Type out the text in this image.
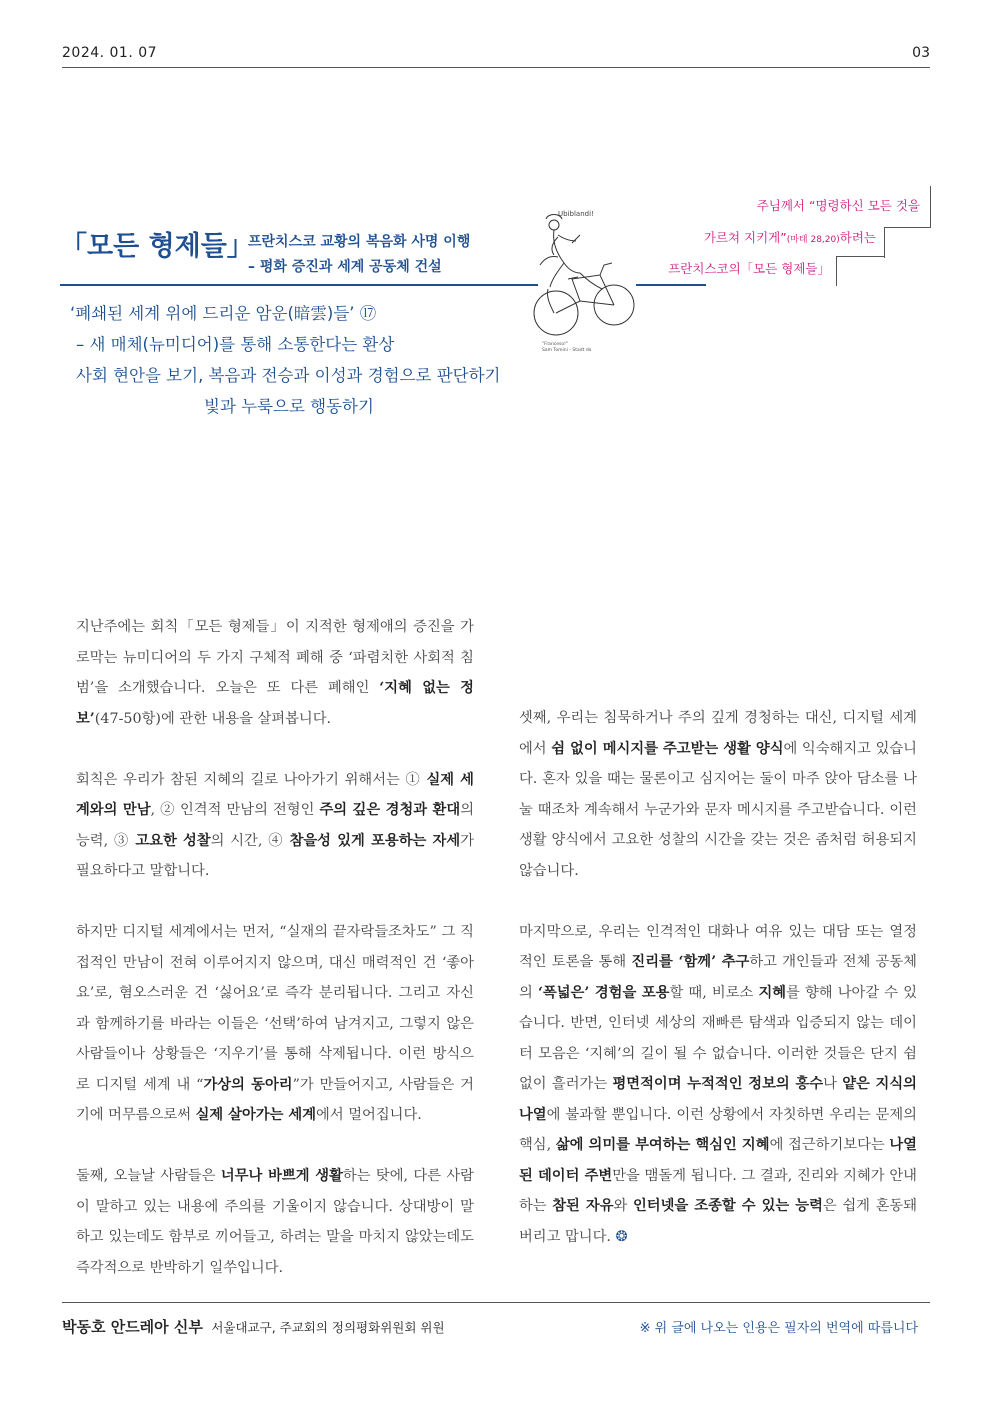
2024. 01. 07	03
「모든 형제들」
프란치스코 교황의 복음화 사명 이행
– 평화 증진과 세계 공동체 건설
주님께서 “명령하신 모든 것을
가르쳐 지키게”(마태 28,20)하려는
프란치스코의「모든 형제들」
Ubiblandi!
"Franceso!"
Sam Tomini - Stadt do
‘폐쇄된 세계 위에 드리운 암운(暗雲)들’ ⑰
– 새 매체(뉴미디어)를 통해 소통한다는 환상
사회 현안을 보기, 복음과 전승과 이성과 경험으로 판단하기
빛과 누룩으로 행동하기

지난주에는 회칙「모든 형제들」이 지적한 형제애의 증진을 가로막는 뉴미디어의 두 가지 구체적 폐해 중 ‘파렴치한 사회적 침범’을 소개했습니다. 오늘은 또 다른 폐해인 ‘지혜 없는 정보’(47-50항)에 관한 내용을 살펴봅니다.

회칙은 우리가 참된 지혜의 길로 나아가기 위해서는 ① 실제 세계와의 만남, ② 인격적 만남의 전형인 주의 깊은 경청과 환대의 능력, ③ 고요한 성찰의 시간, ④ 참을성 있게 포용하는 자세가 필요하다고 말합니다.

하지만 디지털 세계에서는 먼저, “실재의 끝자락들조차도” 그 직접적인 만남이 전혀 이루어지지 않으며, 대신 매력적인 건 ‘좋아요’로, 혐오스러운 건 ‘싫어요’로 즉각 분리됩니다. 그리고 자신과 함께하기를 바라는 이들은 ‘선택’하여 남겨지고, 그렇지 않은 사람들이나 상황들은 ‘지우기’를 통해 삭제됩니다. 이런 방식으로 디지털 세계 내 “가상의 동아리”가 만들어지고, 사람들은 거기에 머무름으로써 실제 살아가는 세계에서 멀어집니다.

둘째, 오늘날 사람들은 너무나 바쁘게 생활하는 탓에, 다른 사람이 말하고 있는 내용에 주의를 기울이지 않습니다. 상대방이 말하고 있는데도 함부로 끼어들고, 하려는 말을 마치지 않았는데도 즉각적으로 반박하기 일쑤입니다.

셋째, 우리는 침묵하거나 주의 깊게 경청하는 대신, 디지털 세계에서 쉼 없이 메시지를 주고받는 생활 양식에 익숙해지고 있습니다. 혼자 있을 때는 물론이고 심지어는 둘이 마주 앉아 담소를 나눌 때조차 계속해서 누군가와 문자 메시지를 주고받습니다. 이런 생활 양식에서 고요한 성찰의 시간을 갖는 것은 좀처럼 허용되지 않습니다.

마지막으로, 우리는 인격적인 대화나 여유 있는 대담 또는 열정적인 토론을 통해 진리를 ‘함께’ 추구하고 개인들과 전체 공동체의 ‘폭넓은’ 경험을 포용할 때, 비로소 지혜를 향해 나아갈 수 있습니다. 반면, 인터넷 세상의 재빠른 탐색과 입증되지 않는 데이터 모음은 ‘지혜’의 길이 될 수 없습니다. 이러한 것들은 단지 쉼 없이 흘러가는 평면적이며 누적적인 정보의 홍수나 얕은 지식의 나열에 불과할 뿐입니다. 이런 상황에서 자칫하면 우리는 문제의 핵심, 삶에 의미를 부여하는 핵심인 지혜에 접근하기보다는 나열된 데이터 주변만을 맴돌게 됩니다. 그 결과, 진리와 지혜가 안내하는 참된 자유와 인터넷을 조종할 수 있는 능력은 쉽게 혼동돼 버리고 맙니다. ❂

박동호 안드레아 신부 서울대교구, 주교회의 정의평화위원회 위원	※ 위 글에 나오는 인용은 필자의 번역에 따릅니다
